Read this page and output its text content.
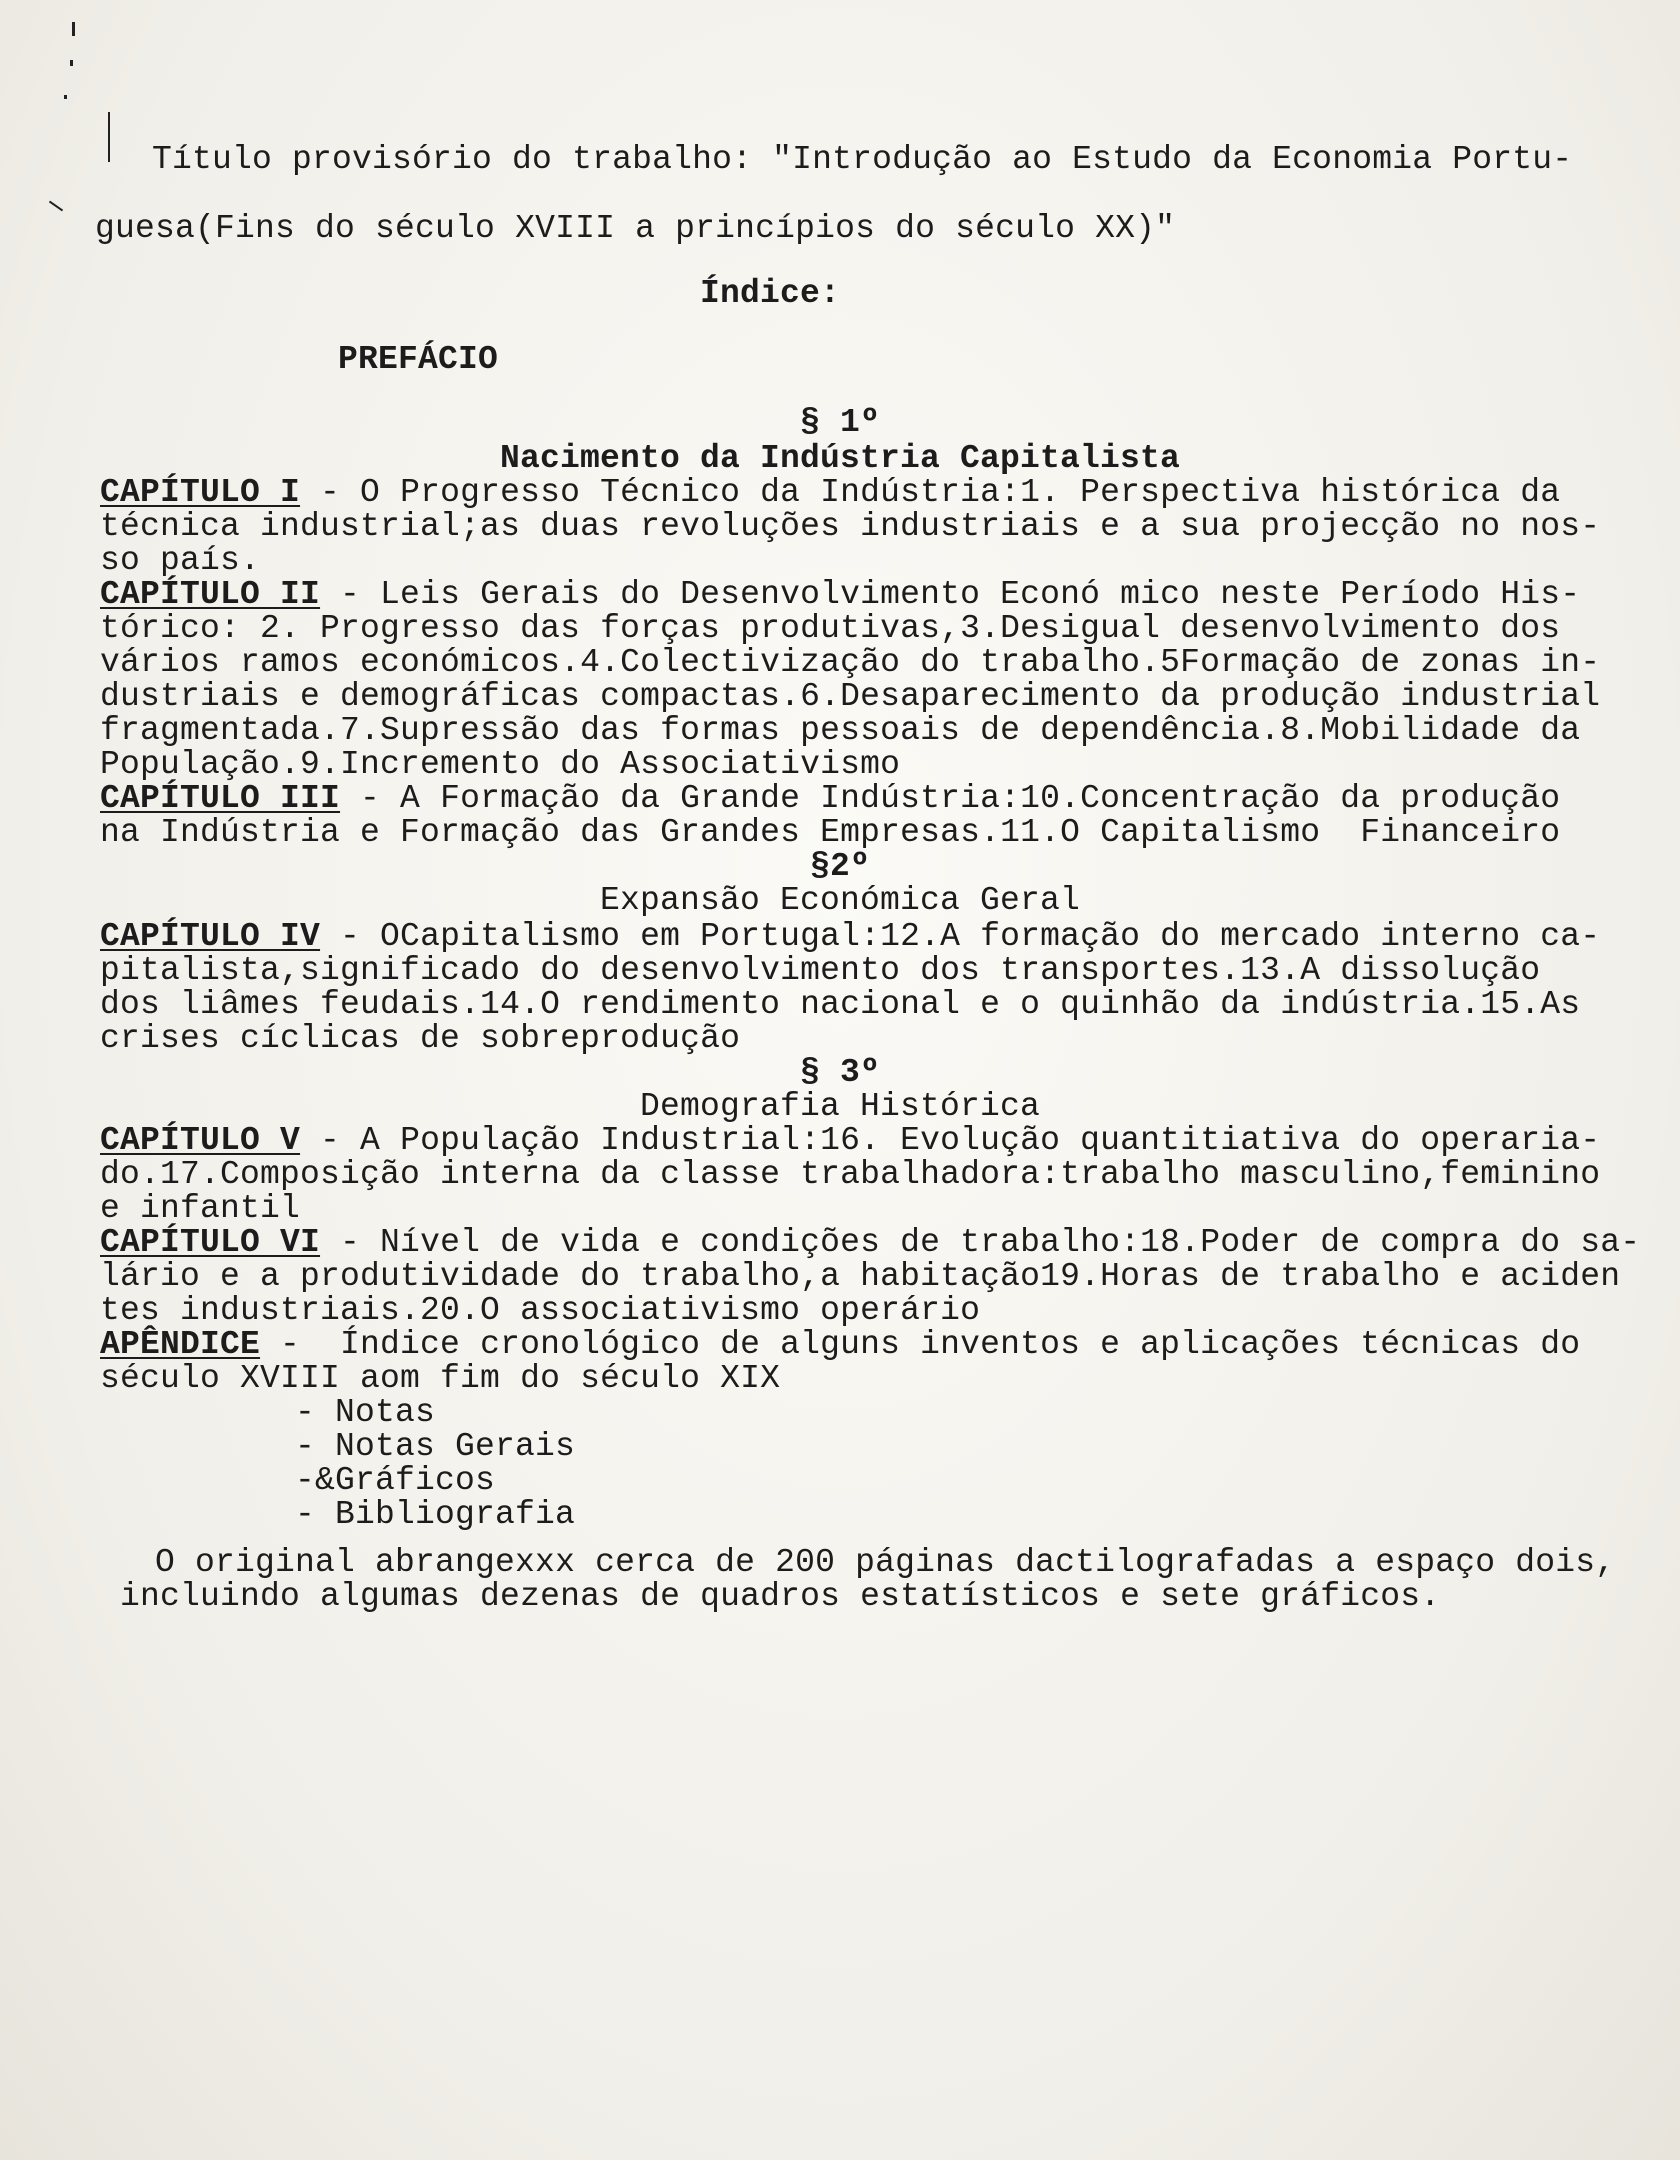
Título provisório do trabalho: "Introdução ao Estudo da Economia Portu-
guesa(Fins do século XVIII a princípios do século XX)"
Índice:
PREFÁCIO
§ 1º
Nacimento da Indústria Capitalista
CAPÍTULO I - O Progresso Técnico da Indústria:1. Perspectiva histórica da
técnica industrial;as duas revoluções industriais e a sua projecção no nos-
so país.
CAPÍTULO II - Leis Gerais do Desenvolvimento Econó mico neste Período His-
tórico: 2. Progresso das forças produtivas,3.Desigual desenvolvimento dos
vários ramos económicos.4.Colectivização do trabalho.5Formação de zonas in-
dustriais e demográficas compactas.6.Desaparecimento da produção industrial
fragmentada.7.Supressão das formas pessoais de dependência.8.Mobilidade da
População.9.Incremento do Associativismo
CAPÍTULO III - A Formação da Grande Indústria:10.Concentração da produção
na Indústria e Formação das Grandes Empresas.11.O Capitalismo  Financeiro
§2º
Expansão Económica Geral
CAPÍTULO IV - OCapitalismo em Portugal:12.A formação do mercado interno ca-
pitalista,significado do desenvolvimento dos transportes.13.A dissolução
dos liâmes feudais.14.O rendimento nacional e o quinhão da indústria.15.As
crises cíclicas de sobreprodução
§ 3º
Demografia Histórica
CAPÍTULO V - A População Industrial:16. Evolução quantitiativa do operaria-
do.17.Composição interna da classe trabalhadora:trabalho masculino,feminino
e infantil
CAPÍTULO VI - Nível de vida e condições de trabalho:18.Poder de compra do sa-
lário e a produtividade do trabalho,a habitação19.Horas de trabalho e aciden
tes industriais.20.O associativismo operário
APÊNDICE -  Índice cronológico de alguns inventos e aplicações técnicas do
século XVIII aom fim do século XIX
- Notas
- Notas Gerais
-&Gráficos
- Bibliografia
O original abrangexxx cerca de 200 páginas dactilografadas a espaço dois,
incluindo algumas dezenas de quadros estatísticos e sete gráficos.
